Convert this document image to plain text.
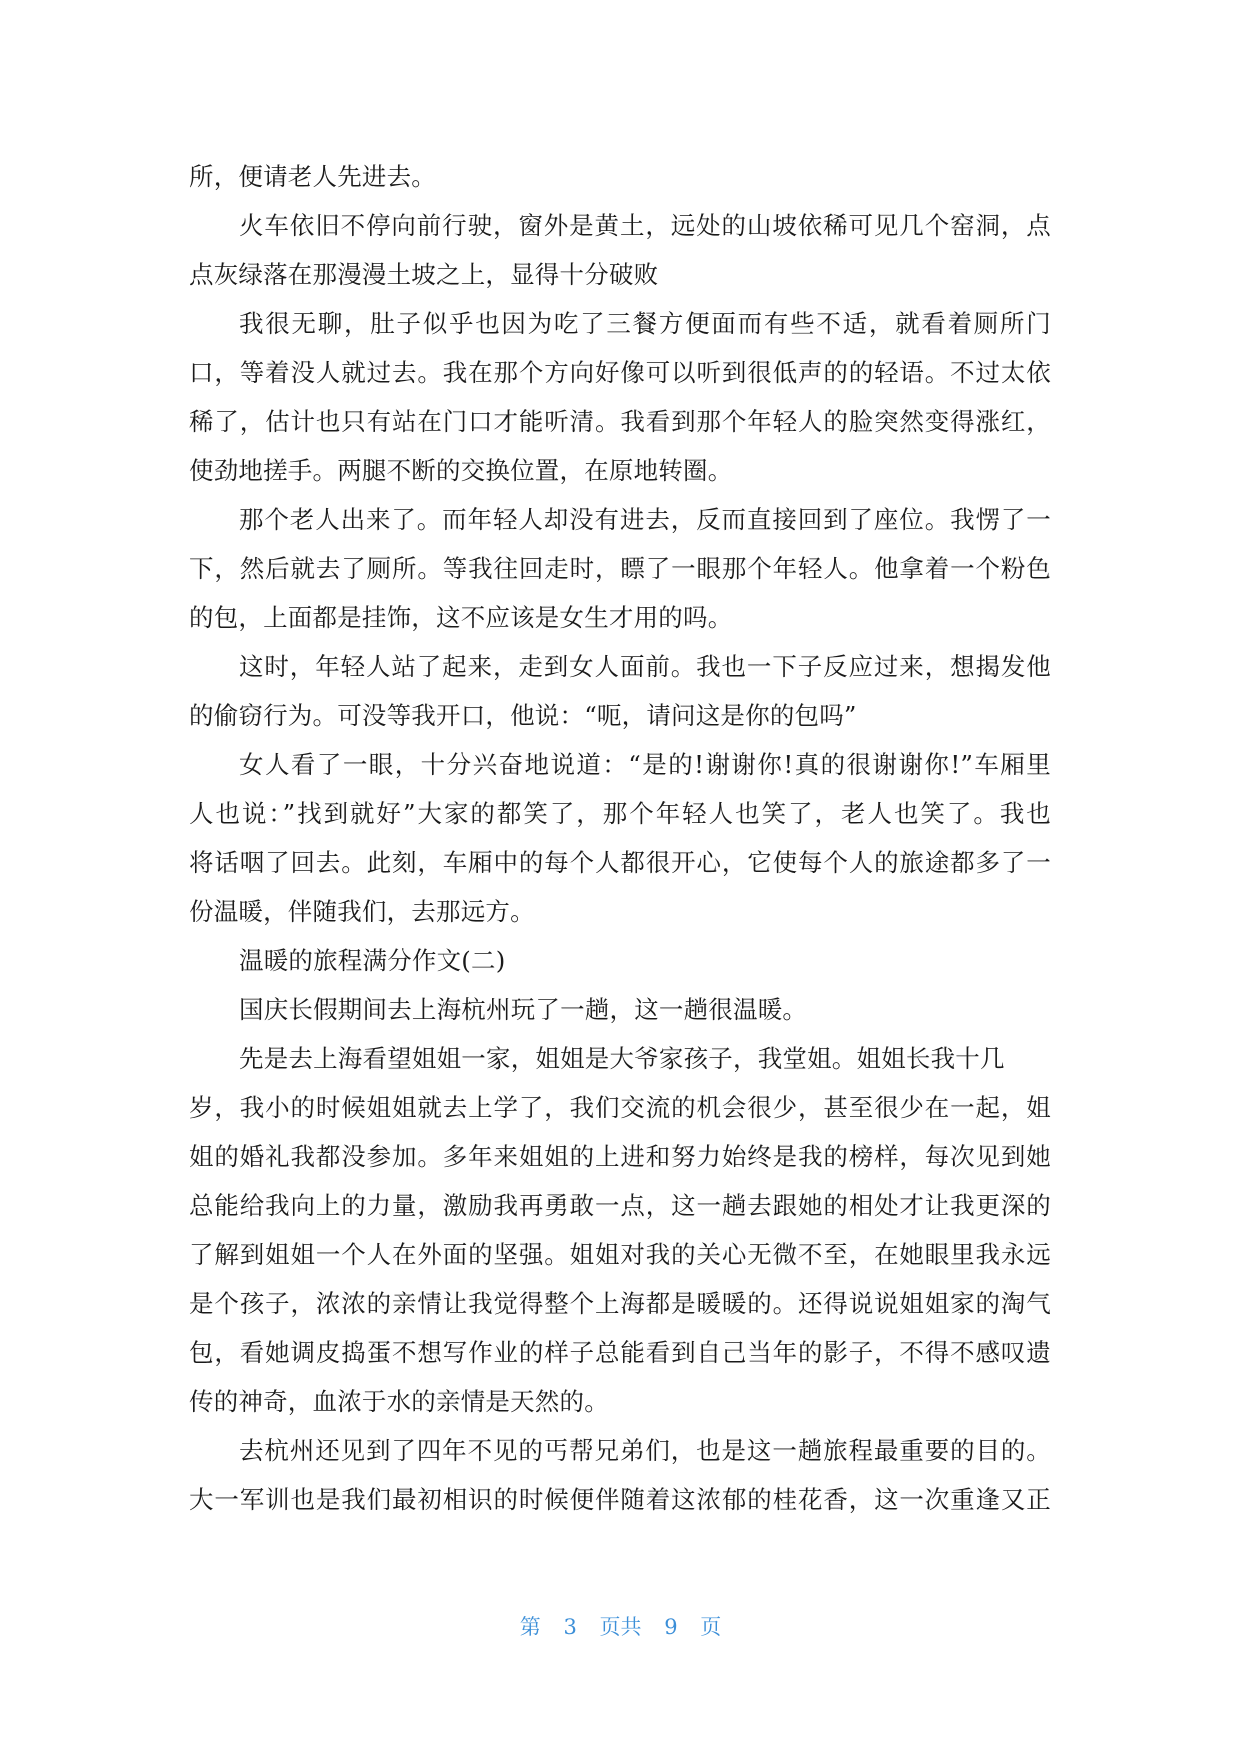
所，便请老人先进去。
火车依旧不停向前行驶，窗外是黄土，远处的山坡依稀可见几个窑洞，点
点灰绿落在那漫漫土坡之上，显得十分破败
我很无聊，肚子似乎也因为吃了三餐方便面而有些不适，就看着厕所门
口，等着没人就过去。我在那个方向好像可以听到很低声的的轻语。不过太依
稀了，估计也只有站在门口才能听清。我看到那个年轻人的脸突然变得涨红，
使劲地搓手。两腿不断的交换位置，在原地转圈。
那个老人出来了。而年轻人却没有进去，反而直接回到了座位。我愣了一
下，然后就去了厕所。等我往回走时，瞟了一眼那个年轻人。他拿着一个粉色
的包，上面都是挂饰，这不应该是女生才用的吗。
这时，年轻人站了起来，走到女人面前。我也一下子反应过来，想揭发他
的偷窃行为。可没等我开口，他说：“呃，请问这是你的包吗”
女人看了一眼，十分兴奋地说道：“是的!谢谢你!真的很谢谢你!”车厢里
人也说：”找到就好”大家的都笑了，那个年轻人也笑了，老人也笑了。我也
将话咽了回去。此刻，车厢中的每个人都很开心，它使每个人的旅途都多了一
份温暖，伴随我们，去那远方。
温暖的旅程满分作文(二)
国庆长假期间去上海杭州玩了一趟，这一趟很温暖。
先是去上海看望姐姐一家，姐姐是大爷家孩子，我堂姐。姐姐长我十几
岁，我小的时候姐姐就去上学了，我们交流的机会很少，甚至很少在一起，姐
姐的婚礼我都没参加。多年来姐姐的上进和努力始终是我的榜样，每次见到她
总能给我向上的力量，激励我再勇敢一点，这一趟去跟她的相处才让我更深的
了解到姐姐一个人在外面的坚强。姐姐对我的关心无微不至，在她眼里我永远
是个孩子，浓浓的亲情让我觉得整个上海都是暖暖的。还得说说姐姐家的淘气
包，看她调皮捣蛋不想写作业的样子总能看到自己当年的影子，不得不感叹遗
传的神奇，血浓于水的亲情是天然的。
去杭州还见到了四年不见的丐帮兄弟们，也是这一趟旅程最重要的目的。
大一军训也是我们最初相识的时候便伴随着这浓郁的桂花香，这一次重逢又正
第 3 页共 9 页
